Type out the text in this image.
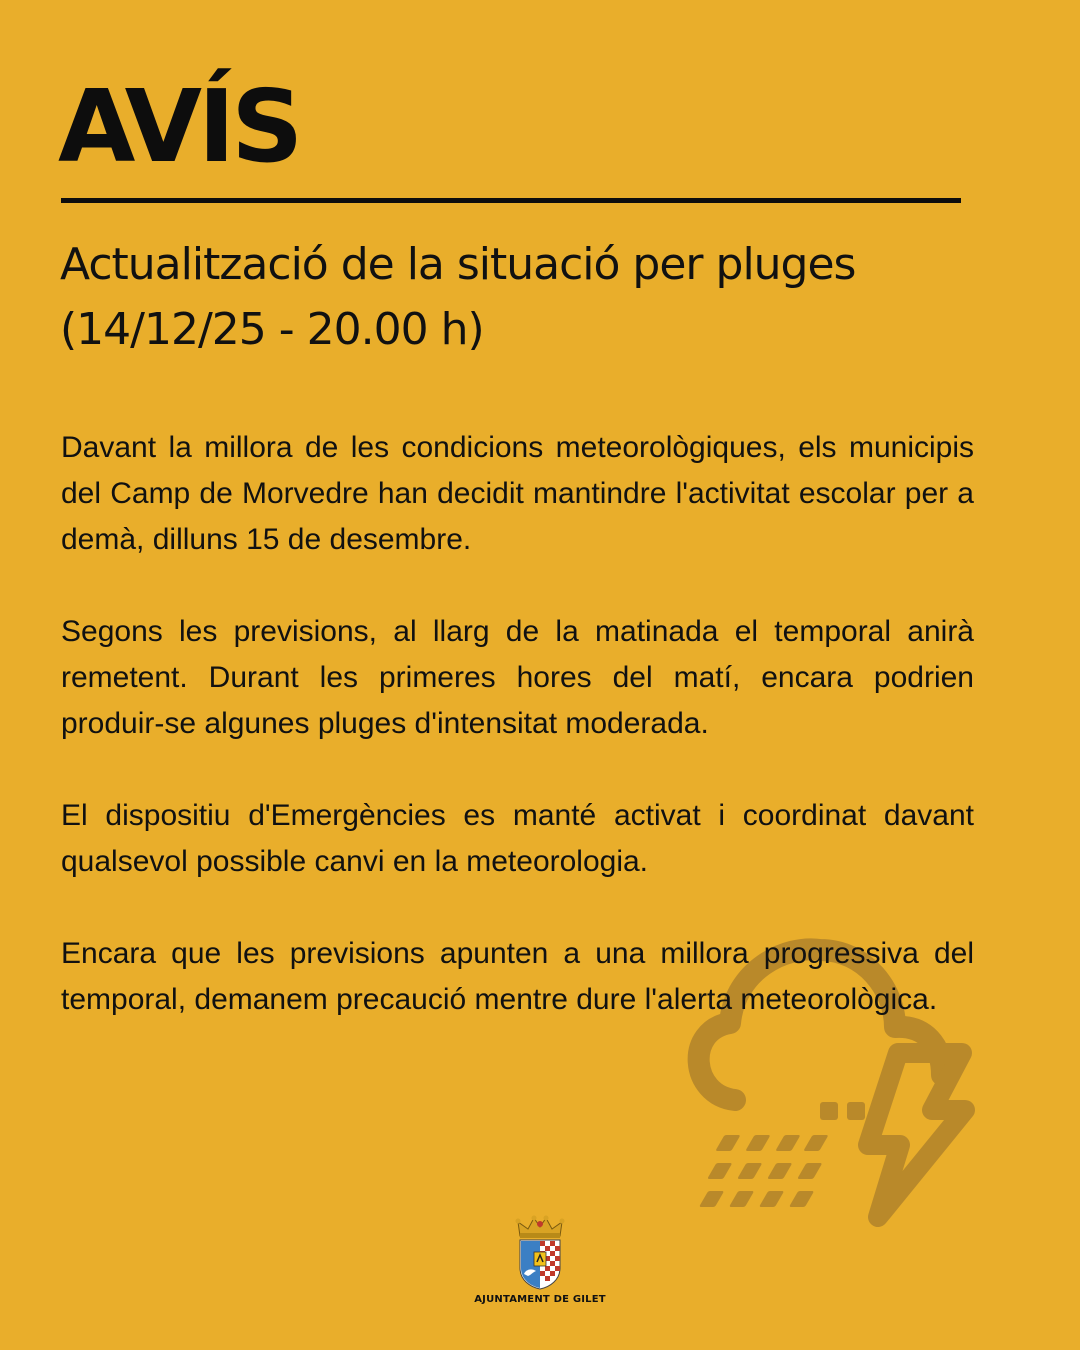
AVÍS
Actualització de la situació per pluges
(14/12/25 - 20.00 h)

Davant la millora de les condicions meteorològiques, els municipis del Camp de Morvedre han decidit mantindre l'activitat escolar per a demà, dilluns 15 de desembre.

Segons les previsions, al llarg de la matinada el temporal anirà remetent. Durant les primeres hores del matí, encara podrien produir-se algunes pluges d'intensitat moderada.

El dispositiu d'Emergències es manté activat i coordinat davant qualsevol possible canvi en la meteorologia.

Encara que les previsions apunten a una millora progressiva del temporal, demanem precaució mentre dure l'alerta meteorològica.

AJUNTAMENT DE GILET
